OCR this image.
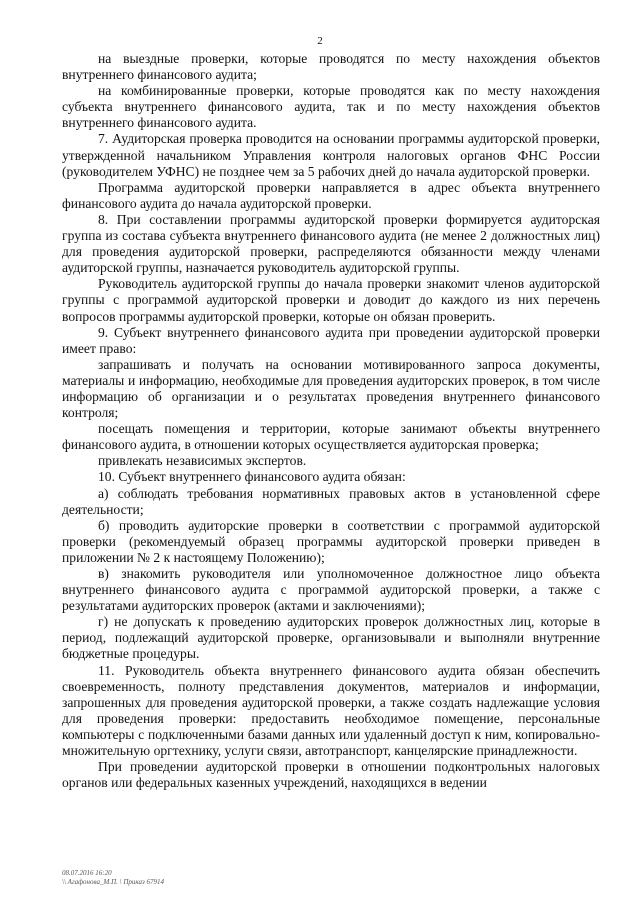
2

на выездные проверки, которые проводятся по месту нахождения объектов внутреннего финансового аудита;

на комбинированные проверки, которые проводятся как по месту нахождения субъекта внутреннего финансового аудита, так и по месту нахождения объектов внутреннего финансового аудита.

7. Аудиторская проверка проводится на основании программы аудиторской проверки, утвержденной начальником Управления контроля налоговых органов ФНС России (руководителем УФНС) не позднее чем за 5 рабочих дней до начала аудиторской проверки.

Программа аудиторской проверки направляется в адрес объекта внутреннего финансового аудита до начала аудиторской проверки.

8. При составлении программы аудиторской проверки формируется аудиторская группа из состава субъекта внутреннего финансового аудита (не менее 2 должностных лиц) для проведения аудиторской проверки, распределяются обязанности между членами аудиторской группы, назначается руководитель аудиторской группы.

Руководитель аудиторской группы до начала проверки знакомит членов аудиторской группы с программой аудиторской проверки и доводит до каждого из них перечень вопросов программы аудиторской проверки, которые он обязан проверить.

9. Субъект внутреннего финансового аудита при проведении аудиторской проверки имеет право:

запрашивать и получать на основании мотивированного запроса документы, материалы и информацию, необходимые для проведения аудиторских проверок, в том числе информацию об организации и о результатах проведения внутреннего финансового контроля;

посещать помещения и территории, которые занимают объекты внутреннего финансового аудита, в отношении которых осуществляется аудиторская проверка;

привлекать независимых экспертов.

10. Субъект внутреннего финансового аудита обязан:

а) соблюдать требования нормативных правовых актов в установленной сфере деятельности;

б) проводить аудиторские проверки в соответствии с программой аудиторской проверки (рекомендуемый образец программы аудиторской проверки приведен в приложении № 2 к настоящему Положению);

в) знакомить руководителя или уполномоченное должностное лицо объекта внутреннего финансового аудита с программой аудиторской проверки, а также с результатами аудиторских проверок (актами и заключениями);

г) не допускать к проведению аудиторских проверок должностных лиц, которые в период, подлежащий аудиторской проверке, организовывали и выполняли внутренние бюджетные процедуры.

11. Руководитель объекта внутреннего финансового аудита обязан обеспечить своевременность, полноту представления документов, материалов и информации, запрошенных для проведения аудиторской проверки, а также создать надлежащие условия для проведения проверки: предоставить необходимое помещение, персональные компьютеры с подключенными базами данных или удаленный доступ к ним, копировально-множительную оргтехнику, услуги связи, автотранспорт, канцелярские принадлежности.

При проведении аудиторской проверки в отношении подконтрольных налоговых органов или федеральных казенных учреждений, находящихся в ведении

08.07.2016 16:20
\\ Агафонова_М.П. \ Приказ 67914
